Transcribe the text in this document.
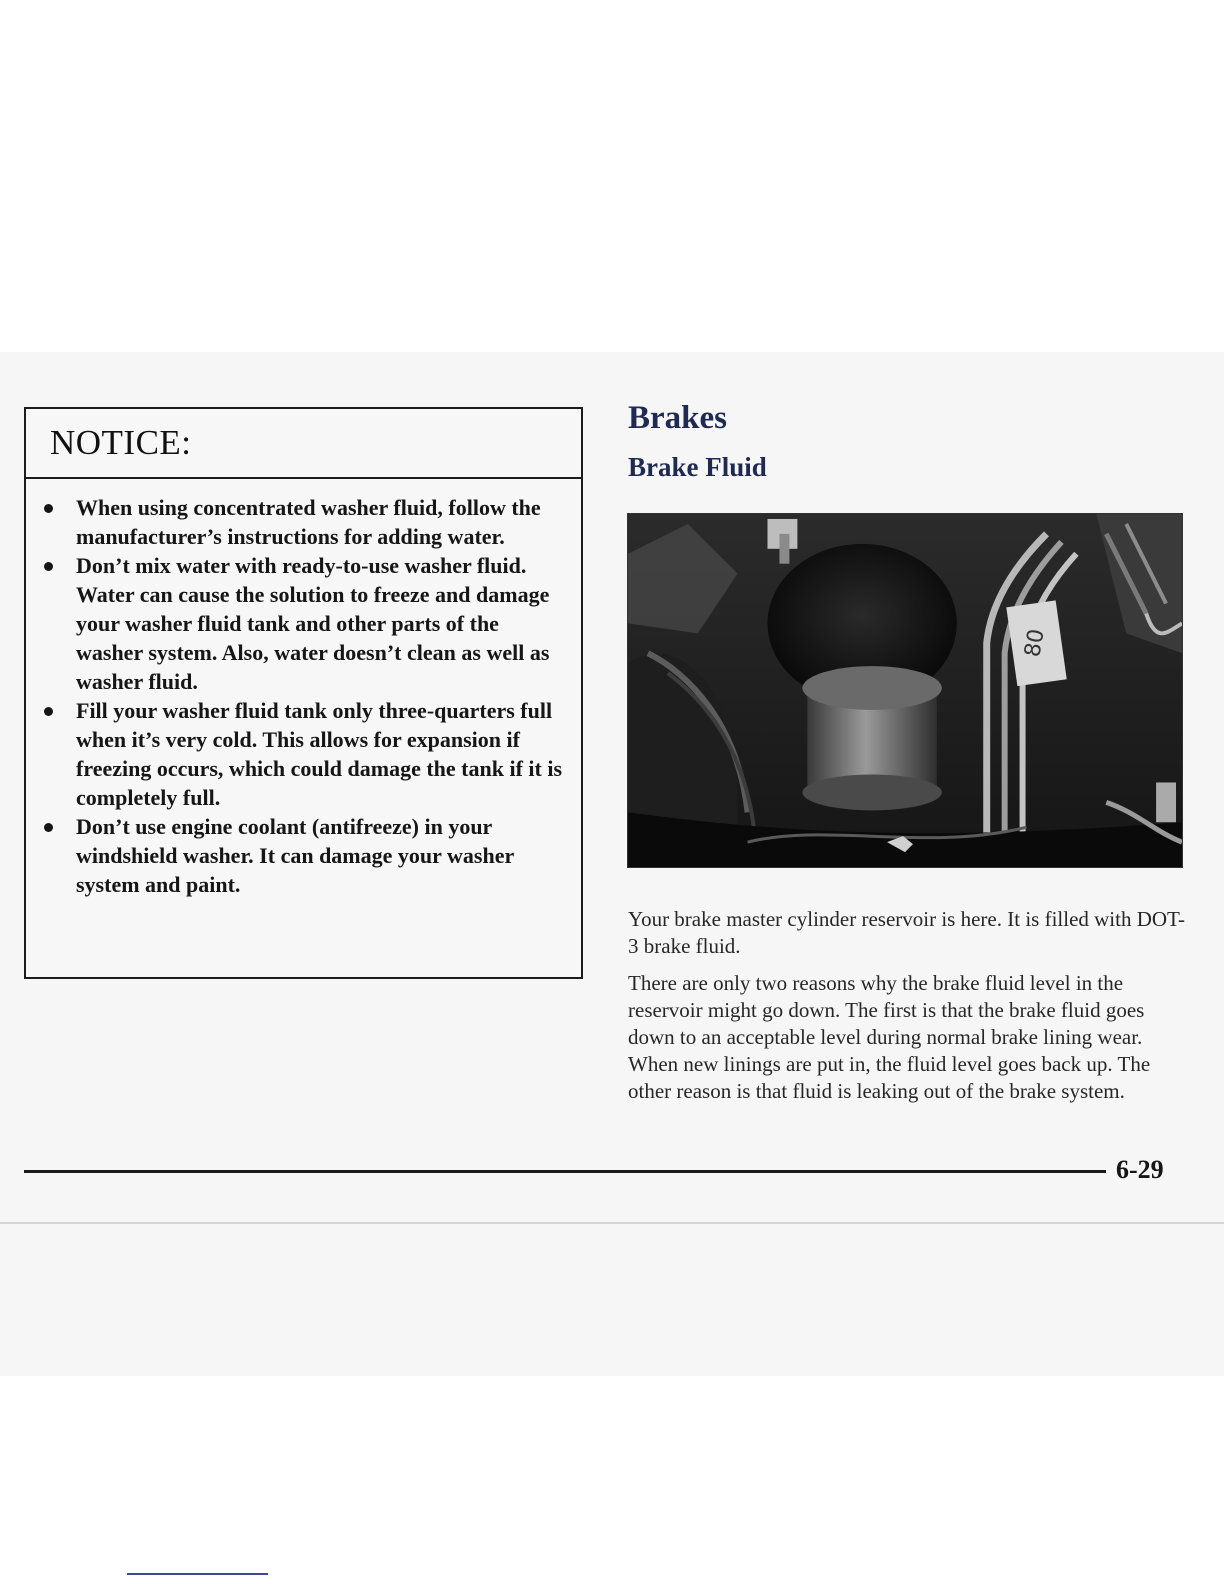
NOTICE:
When using concentrated washer fluid, follow the manufacturer’s instructions for adding water.
Don’t mix water with ready-to-use washer fluid. Water can cause the solution to freeze and damage your washer fluid tank and other parts of the washer system. Also, water doesn’t clean as well as washer fluid.
Fill your washer fluid tank only three-quarters full when it’s very cold. This allows for expansion if freezing occurs, which could damage the tank if it is completely full.
Don’t use engine coolant (antifreeze) in your windshield washer. It can damage your washer system and paint.
Brakes
Brake Fluid
80

Your brake master cylinder reservoir is here. It is filled with DOT-3 brake fluid.

There are only two reasons why the brake fluid level in the reservoir might go down. The first is that the brake fluid goes down to an acceptable level during normal brake lining wear. When new linings are put in, the fluid level goes back up. The other reason is that fluid is leaking out of the brake system.

6-29
